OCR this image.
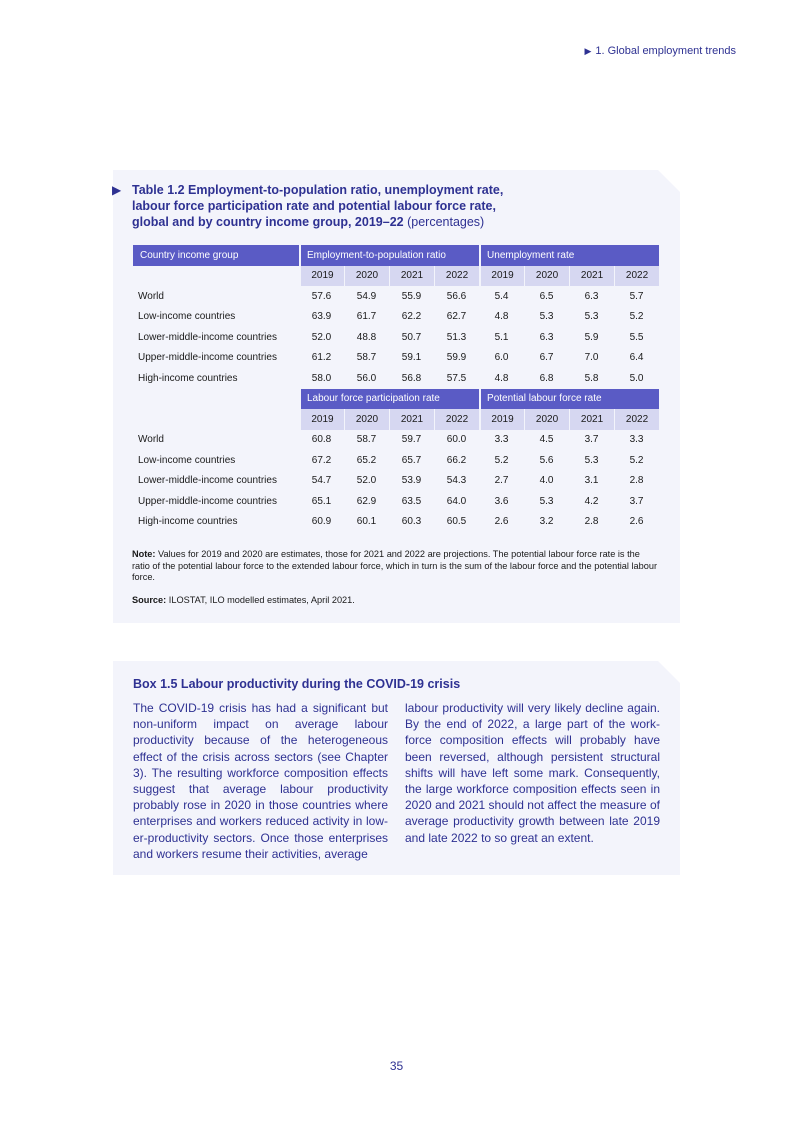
▶ 1. Global employment trends
▶ Table 1.2 Employment-to-population ratio, unemployment rate, labour force participation rate and potential labour force rate, global and by country income group, 2019–22 (percentages)
Country income group	Employment-to-population ratio				Unemployment rate			
	2019	2020	2021	2022	2019	2020	2021	2022
World	57.6	54.9	55.9	56.6	5.4	6.5	6.3	5.7
Low-income countries	63.9	61.7	62.2	62.7	4.8	5.3	5.3	5.2
Lower-middle-income countries	52.0	48.8	50.7	51.3	5.1	6.3	5.9	5.5
Upper-middle-income countries	61.2	58.7	59.1	59.9	6.0	6.7	7.0	6.4
High-income countries	58.0	56.0	56.8	57.5	4.8	6.8	5.8	5.0
	Labour force participation rate				Potential labour force rate			
	2019	2020	2021	2022	2019	2020	2021	2022
World	60.8	58.7	59.7	60.0	3.3	4.5	3.7	3.3
Low-income countries	67.2	65.2	65.7	66.2	5.2	5.6	5.3	5.2
Lower-middle-income countries	54.7	52.0	53.9	54.3	2.7	4.0	3.1	2.8
Upper-middle-income countries	65.1	62.9	63.5	64.0	3.6	5.3	4.2	3.7
High-income countries	60.9	60.1	60.3	60.5	2.6	3.2	2.8	2.6
Note: Values for 2019 and 2020 are estimates, those for 2021 and 2022 are projections. The potential labour force rate is the ratio of the potential labour force to the extended labour force, which in turn is the sum of the labour force and the potential labour force.
Source: ILOSTAT, ILO modelled estimates, April 2021.
Box 1.5 Labour productivity during the COVID-19 crisis
The COVID-19 crisis has had a significant but non-uniform impact on average labour productivity because of the heterogeneous effect of the crisis across sectors (see Chapter 3). The resulting workforce composition effects suggest that average labour productivity probably rose in 2020 in those countries where enterprises and workers reduced activity in low-er-productivity sectors. Once those enterprises and workers resume their activities, average
labour productivity will very likely decline again. By the end of 2022, a large part of the work-force composition effects will probably have been reversed, although persistent structural shifts will have left some mark. Consequently, the large workforce composition effects seen in 2020 and 2021 should not affect the measure of average productivity growth between late 2019 and late 2022 to so great an extent.
35
